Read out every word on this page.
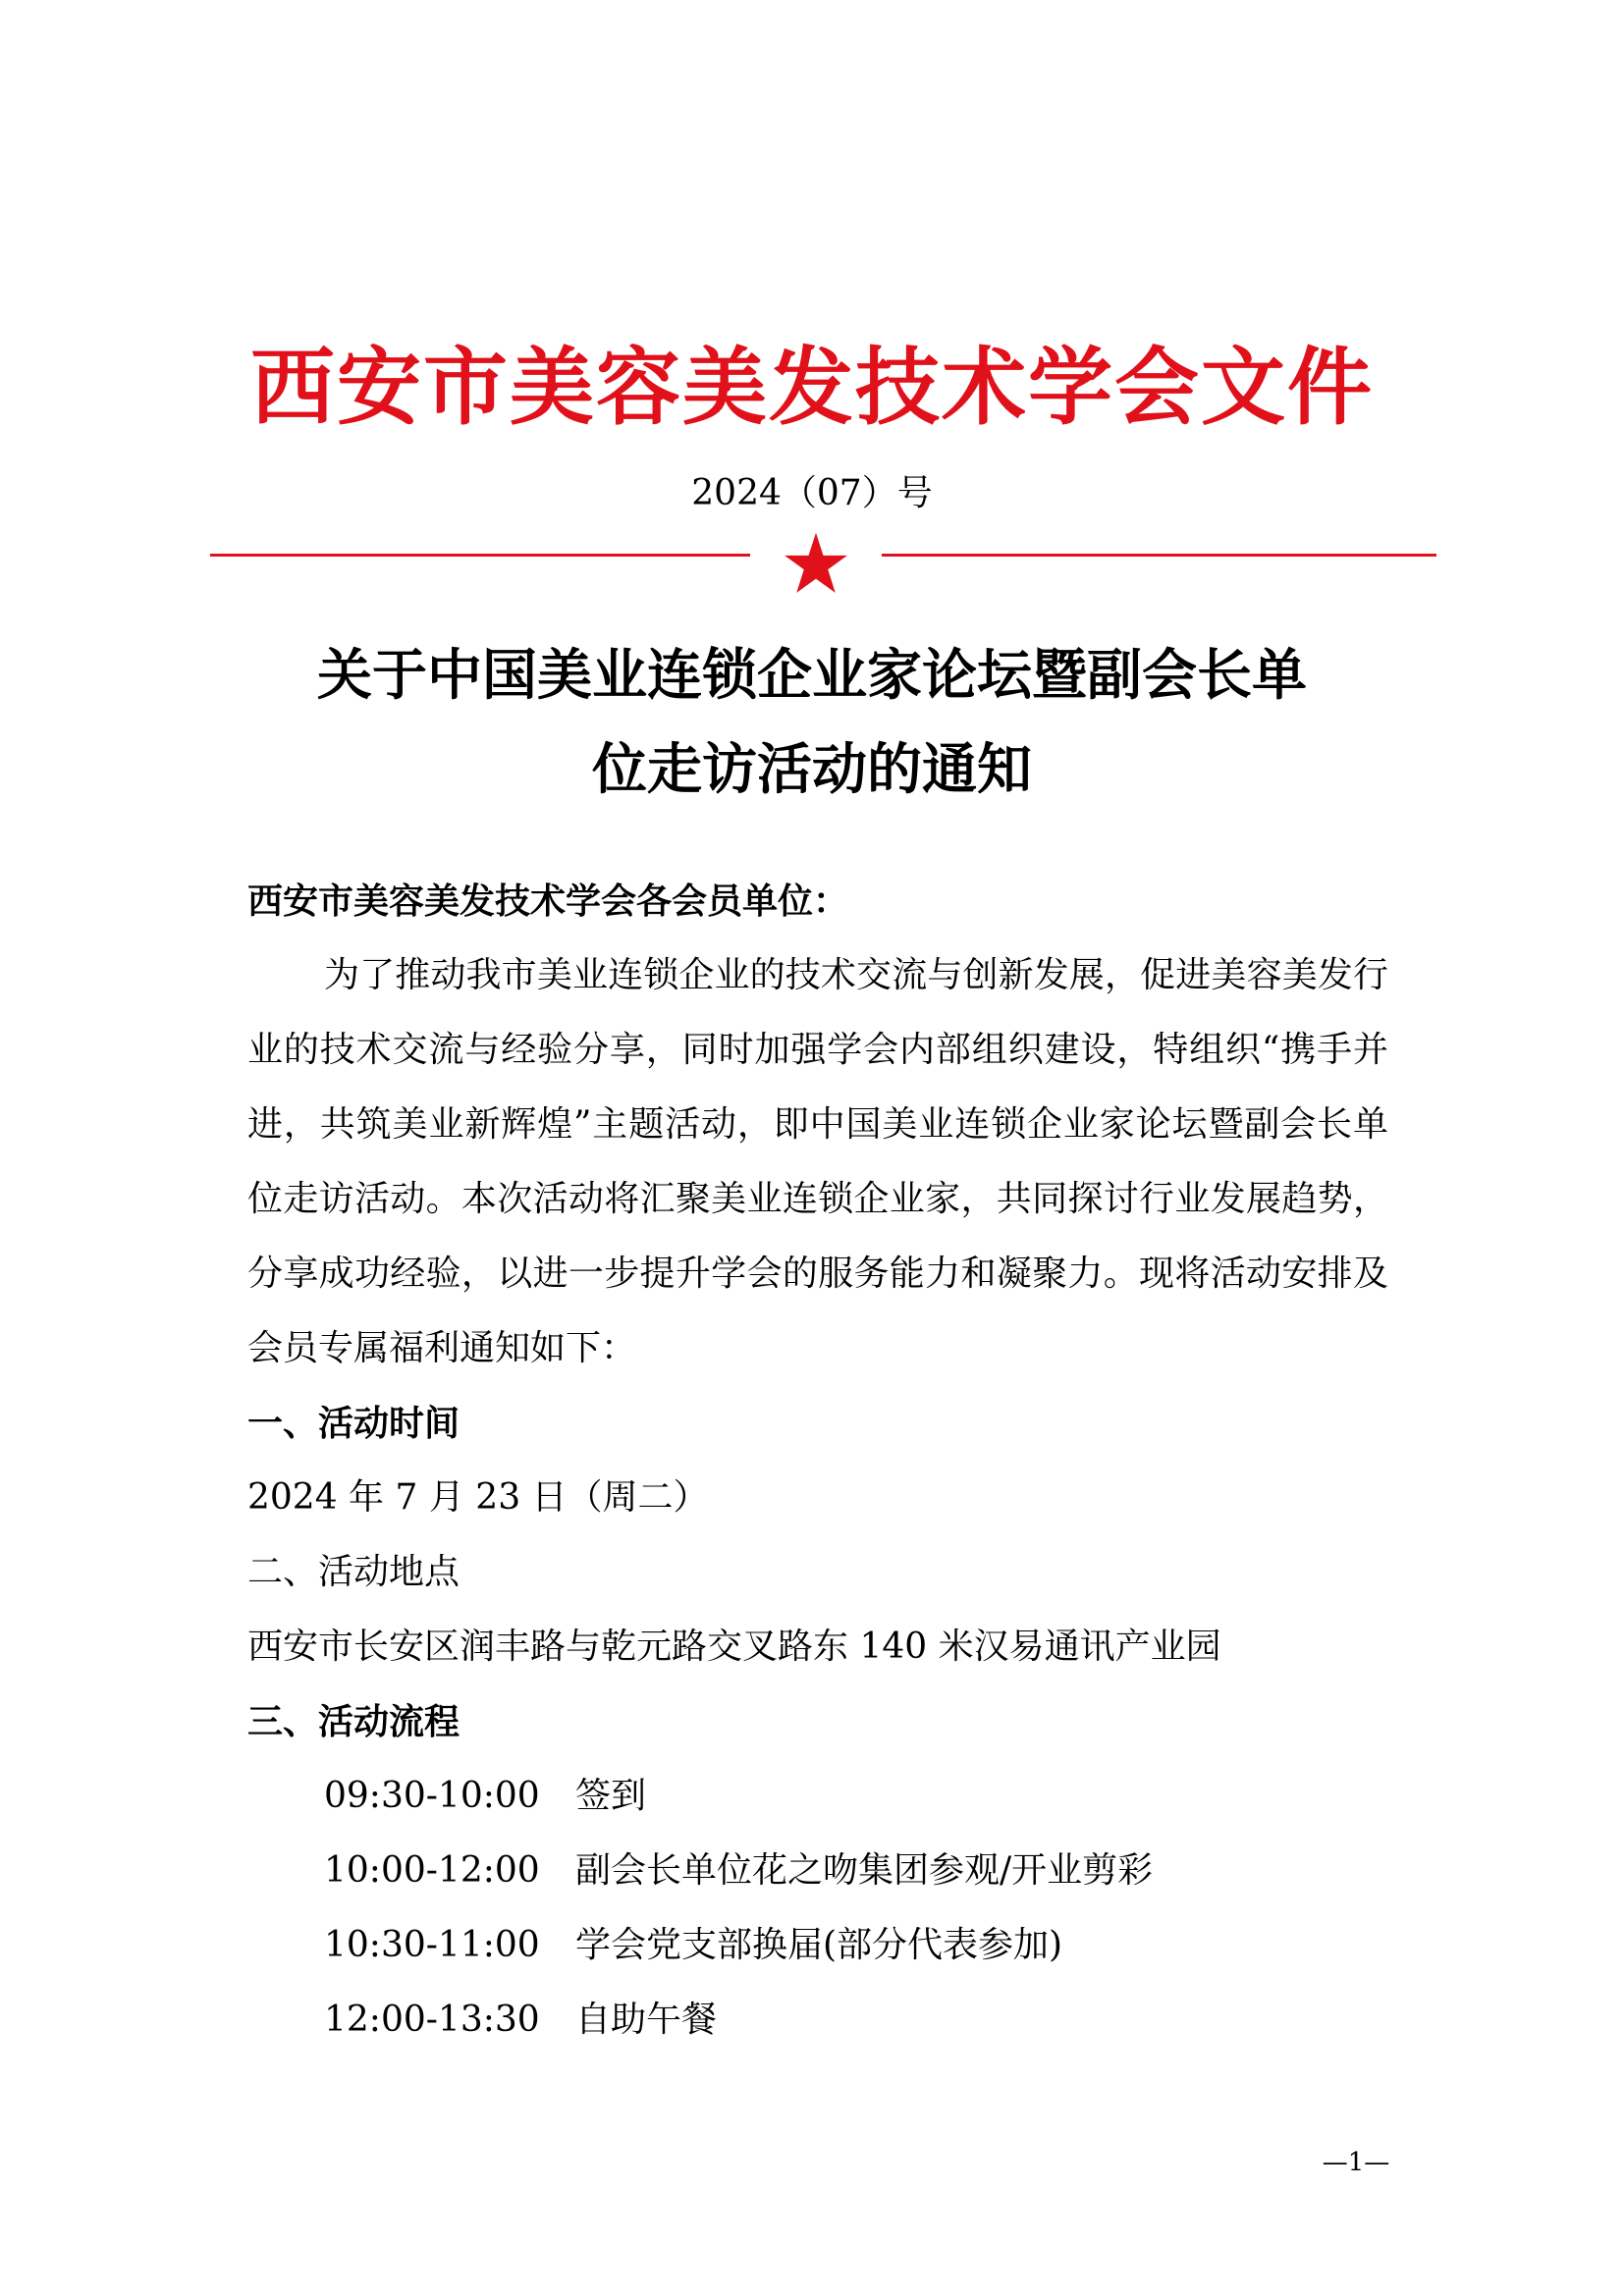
西安市美容美发技术学会文件
2024（07）号
关于中国美业连锁企业家论坛暨副会长单
位走访活动的通知
西安市美容美发技术学会各会员单位：
为了推动我市美业连锁企业的技术交流与创新发展，促进美容美发行业的技术交流与经验分享，同时加强学会内部组织建设，特组织“携手并进，共筑美业新辉煌”主题活动，即中国美业连锁企业家论坛暨副会长单位走访活动。本次活动将汇聚美业连锁企业家，共同探讨行业发展趋势，分享成功经验，以进一步提升学会的服务能力和凝聚力。现将活动安排及会员专属福利通知如下：
一、活动时间
2024 年 7 月 23 日（周二）
二、活动地点
西安市长安区润丰路与乾元路交叉路东 140 米汉易通讯产业园
三、活动流程
09:30-10:00 签到
10:00-12:00 副会长单位花之吻集团参观/开业剪彩
10:30-11:00 学会党支部换届(部分代表参加)
12:00-13:30 自助午餐
—1—
